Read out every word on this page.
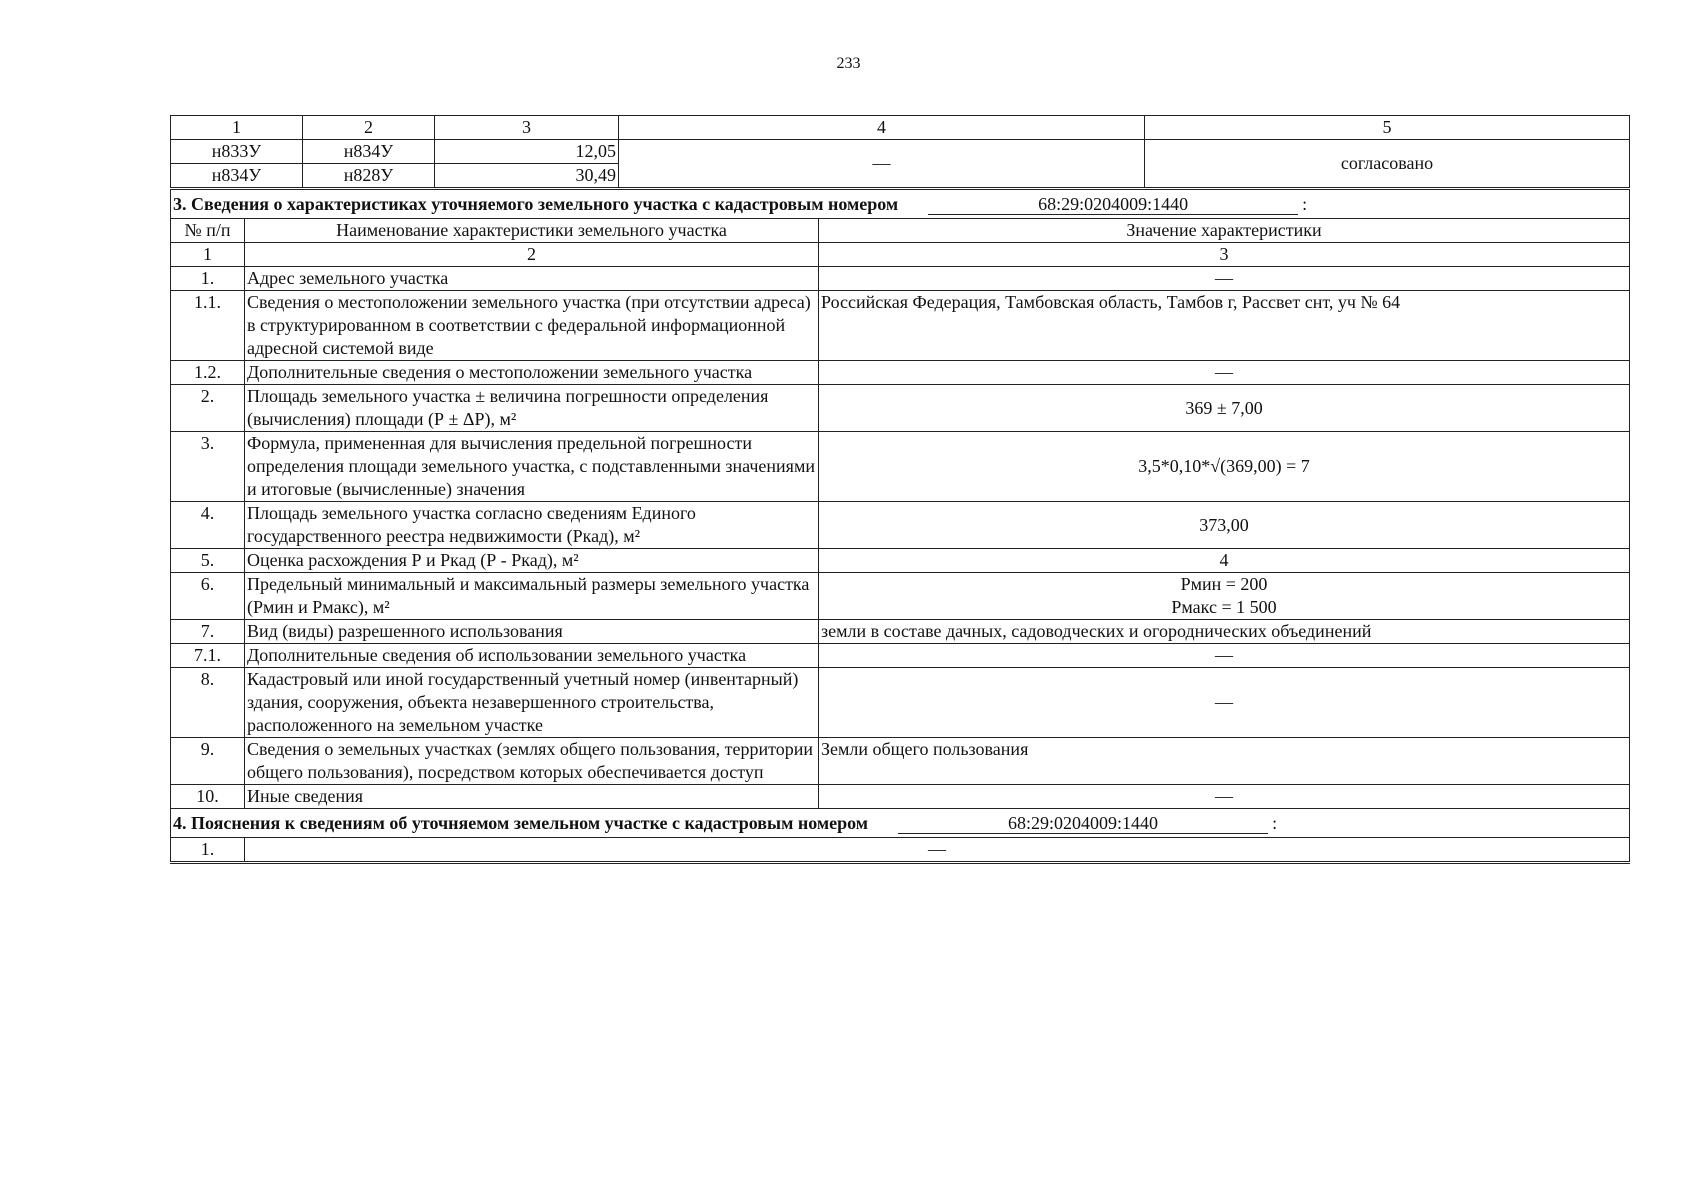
233
1	2	3	4	5
н833У	н834У	12,05	—	согласовано
н834У	н828У	30,49		
3. Сведения о характеристиках уточняемого земельного участка с кадастровым номером 68:29:0204009:1440 :		
№ п/п	Наименование характеристики земельного участка	Значение характеристики
1	2	3
1.	Адрес земельного участка	—
1.1.	Сведения о местоположении земельного участка (при отсутствии адреса) в структурированном в соответствии с федеральной информационной адресной системой виде	Российская Федерация, Тамбовская область, Тамбов г, Рассвет снт, уч № 64
1.2.	Дополнительные сведения о местоположении земельного участка	—
2.	Площадь земельного участка ± величина погрешности определения (вычисления) площади (Р ± ΔР), м²	369 ± 7,00
3.	Формула, примененная для вычисления предельной погрешности определения площади земельного участка, с подставленными значениями и итоговые (вычисленные) значения	3,5*0,10*√(369,00) = 7
4.	Площадь земельного участка согласно сведениям Единого государственного реестра недвижимости (Ркад), м²	373,00
5.	Оценка расхождения Р и Ркад (Р - Ркад), м²	4
6.	Предельный минимальный и максимальный размеры земельного участка (Рмин и Рмакс), м²	Рмин = 200
Рмакс = 1 500

7.	Вид (виды) разрешенного использования	земли в составе дачных, садоводческих и огороднических объединений
7.1.	Дополнительные сведения об использовании земельного участка	—
8.	Кадастровый или иной государственный учетный номер (инвентарный) здания, сооружения, объекта незавершенного строительства, расположенного на земельном участке	—
9.	Сведения о земельных участках (землях общего пользования, территории общего пользования), посредством которых обеспечивается доступ	Земли общего пользования
10.	Иные сведения	—
4. Пояснения к сведениям об уточняемом земельном участке с кадастровым номером 68:29:0204009:1440 :		
1.	—	
